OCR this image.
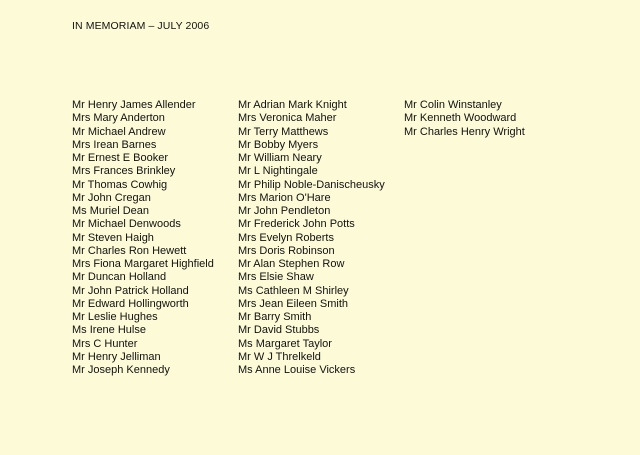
IN MEMORIAM – JULY 2006
Mr Henry James Allender
Mrs Mary Anderton
Mr Michael Andrew
Mrs Irean Barnes
Mr Ernest E Booker
Mrs Frances Brinkley
Mr Thomas Cowhig
Mr John Cregan
Ms Muriel Dean
Mr Michael Denwoods
Mr Steven Haigh
Mr Charles Ron Hewett
Mrs Fiona Margaret Highfield
Mr Duncan Holland
Mr John Patrick Holland
Mr Edward Hollingworth
Mr Leslie Hughes
Ms Irene Hulse
Mrs C Hunter
Mr Henry Jelliman
Mr Joseph Kennedy
Mr Adrian Mark Knight
Mrs Veronica Maher
Mr Terry Matthews
Mr Bobby Myers
Mr William Neary
Mr L Nightingale
Mr Philip Noble-Danischeusky
Mrs Marion O'Hare
Mr John Pendleton
Mr Frederick John Potts
Mrs Evelyn Roberts
Mrs Doris Robinson
Mr Alan Stephen Row
Mrs Elsie Shaw
Ms Cathleen M Shirley
Mrs Jean Eileen Smith
Mr Barry Smith
Mr David Stubbs
Ms Margaret Taylor
Mr W J Threlkeld
Ms Anne Louise Vickers
Mr Colin Winstanley
Mr Kenneth Woodward
Mr Charles Henry Wright
